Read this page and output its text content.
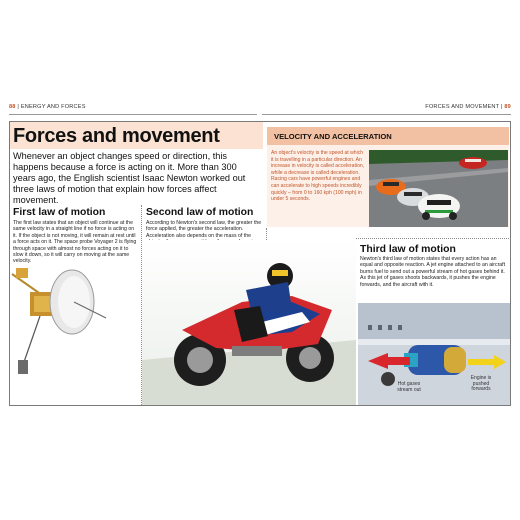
88 | ENERGY AND FORCES	FORCES AND MOVEMENT | 89
Forces and movement
Whenever an object changes speed or direction, this happens because a force is acting on it. More than 300 years ago, the English scientist Isaac Newton worked out three laws of motion that explain how forces affect movement.
VELOCITY AND ACCELERATION
An object's velocity is the speed at which it is travelling in a particular direction. An increase in velocity is called acceleration, while a decrease is called deceleration. Racing cars have powerful engines and can accelerate to high speeds incredibly quickly – from 0 to 160 kph (100 mph) in under 5 seconds.
First law of motion
The first law states that an object will continue at the same velocity in a straight line if no force is acting on it. If the object is not moving, it will remain at rest until a force acts on it. The space probe Voyager 2 is flying through space with almost no forces acting on it to slow it down, so it will carry on moving at the same velocity.
Second law of motion
According to Newton's second law, the greater the force applied, the greater the acceleration. Acceleration also depends on the mass of the
Third law of motion
Newton's third law of motion states that every action has an equal and opposite reaction. A jet engine attached to an aircraft burns fuel to send out a powerful stream of hot gases behind it. As this jet of gases shoots backwards, it pushes the engine forwards, and the aircraft with it.
Hot gases stream out
Engine is pushed forwards
